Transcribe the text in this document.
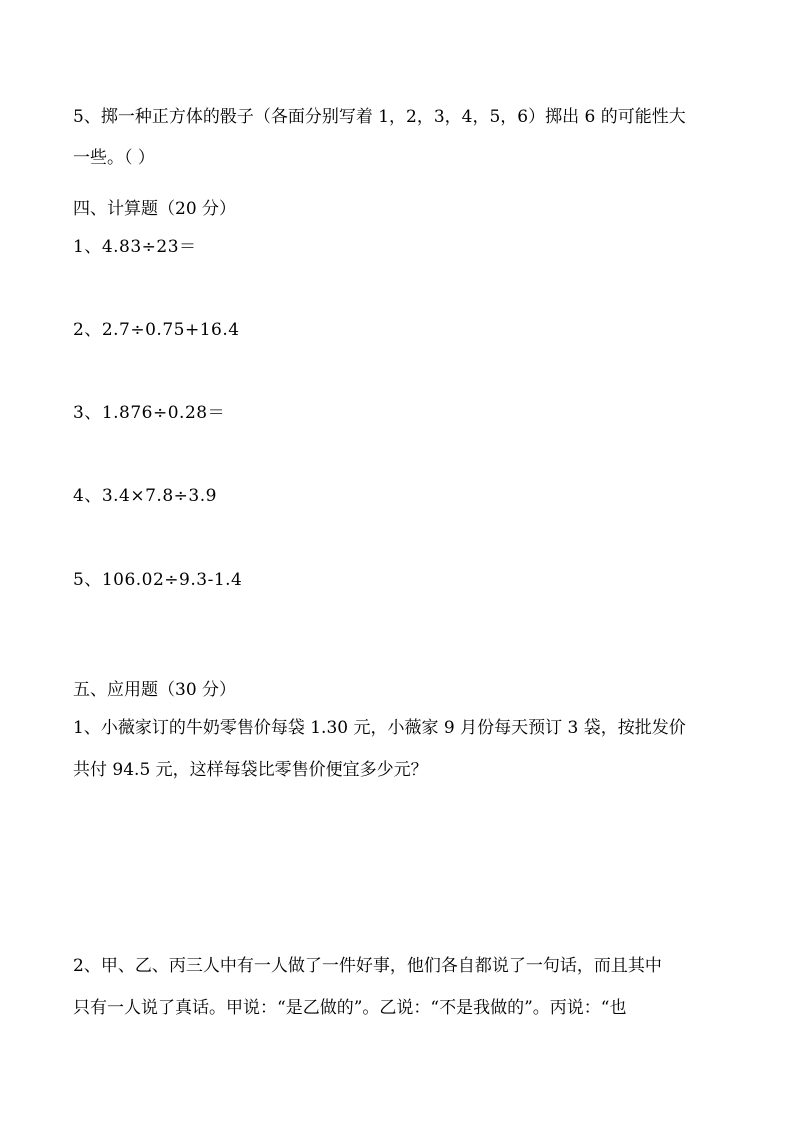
5、掷一种正方体的骰子（各面分别写着 1，2，3，4，5，6）掷出 6 的可能性大
一些。（ ）
四、计算题（20 分）
1、4.83÷23＝
2、2.7÷0.75+16.4
3、1.876÷0.28＝
4、3.4×7.8÷3.9
5、106.02÷9.3-1.4
五、应用题（30 分）
1、小薇家订的牛奶零售价每袋 1.30 元，小薇家 9 月份每天预订 3 袋，按批发价
共付 94.5 元，这样每袋比零售价便宜多少元？
2、甲、乙、丙三人中有一人做了一件好事，他们各自都说了一句话，而且其中
只有一人说了真话。甲说：“是乙做的”。乙说：“不是我做的”。丙说：“也
